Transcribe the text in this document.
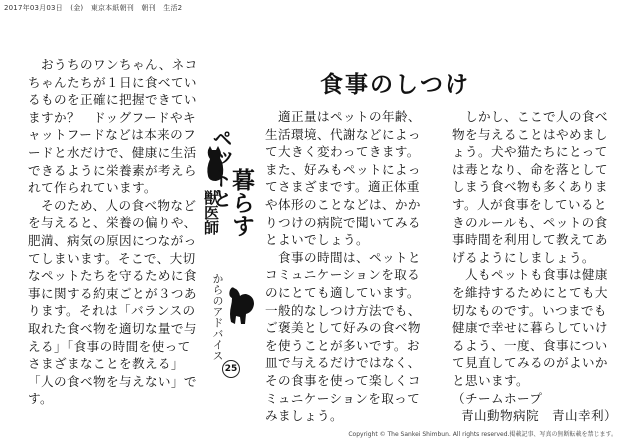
2017年03月03日 (金) 東京本紙朝刊 朝刊 生活2

　おうちのワンちゃん、ネコちゃんたちが１日に食べているものを正確に把握できていますか？　ドッグフードやキャットフードなどは本来のフードと水だけで、健康に生活できるように栄養素が考えられて作られています。

　そのため、人の食べ物などを与えると、栄養の偏りや、肥満、病気の原因につながってしまいます。そこで、大切なペットたちを守るために食事に関する約束ごとが３つあります。それは「バランスの取れた食べ物を適切な量で与える」「食事の時間を使ってさまざまなことを教える」「人の食べ物を与えない」です。

ペットと
暮らす
獣医師
からのアドバイス
25
食事のしつけ

　適正量はペットの年齢、生活環境、代謝などによって大きく変わってきます。また、好みもペットによってさまざまです。適正体重や体形のことなどは、かかりつけの病院で聞いてみるとよいでしょう。

　食事の時間は、ペットとコミュニケーションを取るのにとても適しています。一般的なしつけ方法でも、ご褒美として好みの食べ物を使うことが多いです。お皿で与えるだけではなく、その食事を使って楽しくコミュニケーションを取ってみましょう。

　しかし、ここで人の食べ物を与えることはやめましょう。犬や猫たちにとっては毒となり、命を落としてしまう食べ物も多くあります。人が食事をしているときのルールも、ペットの食事時間を利用して教えてあげるようにしましょう。

　人もペットも食事は健康を維持するためにとても大切なものです。いつまでも健康で幸せに暮らしていけるよう、一度、食事について見直してみるのがよいかと思います。

（チームホープ

青山動物病院　青山幸利）

Copyright © The Sankei Shimbun. All rights reserved.掲載記事、写真の無断転載を禁じます。
